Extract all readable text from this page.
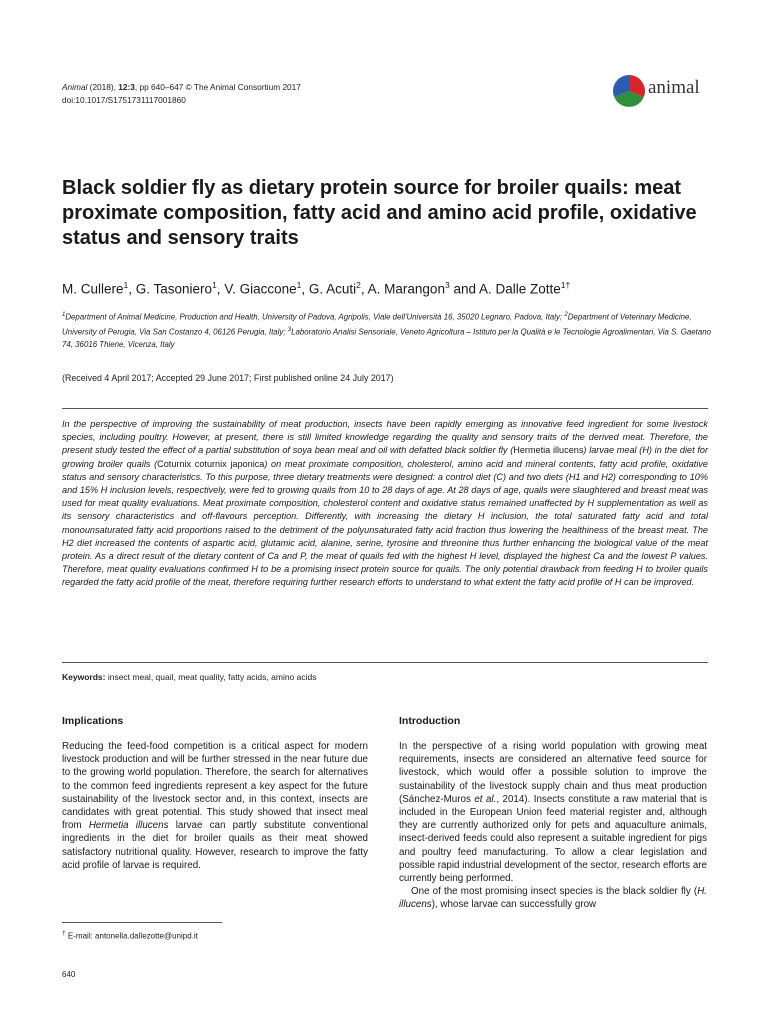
Animal (2018), 12:3, pp 640–647 © The Animal Consortium 2017
doi:10.1017/S1751731117001860
animal
Black soldier fly as dietary protein source for broiler quails: meat proximate composition, fatty acid and amino acid profile, oxidative status and sensory traits
M. Cullere$^1$, G. Tasoniero$^1$, V. Giaccone$^1$, G. Acuti$^2$, A. Marangon$^3$ and A. Dalle Zotte$^{1\dagger}$
$^1$Department of Animal Medicine, Production and Health, University of Padova, Agripolis, Viale dell'Università 16, 35020 Legnaro, Padova, Italy; $^2$Department of Veterinary Medicine, University of Perugia, Via San Costanzo 4, 06126 Perugia, Italy; $^3$Laboratorio Analisi Sensoriale, Veneto Agricoltura – Istituto per la Qualità e le Tecnologie Agroalimentari, Via S. Gaetano 74, 36016 Thiene, Vicenza, Italy
(Received 4 April 2017; Accepted 29 June 2017; First published online 24 July 2017)
In the perspective of improving the sustainability of meat production, insects have been rapidly emerging as innovative feed ingredient for some livestock species, including poultry. However, at present, there is still limited knowledge regarding the quality and sensory traits of the derived meat. Therefore, the present study tested the effect of a partial substitution of soya bean meal and oil with defatted black soldier fly (Hermetia illucens) larvae meal (H) in the diet for growing broiler quails (Coturnix coturnix japonica) on meat proximate composition, cholesterol, amino acid and mineral contents, fatty acid profile, oxidative status and sensory characteristics. To this purpose, three dietary treatments were designed: a control diet (C) and two diets (H1 and H2) corresponding to 10% and 15% H inclusion levels, respectively, were fed to growing quails from 10 to 28 days of age. At 28 days of age, quails were slaughtered and breast meat was used for meat quality evaluations. Meat proximate composition, cholesterol content and oxidative status remained unaffected by H supplementation as well as its sensory characteristics and off-flavours perception. Differently, with increasing the dietary H inclusion, the total saturated fatty acid and total monounsaturated fatty acid proportions raised to the detriment of the polyunsaturated fatty acid fraction thus lowering the healthiness of the breast meat. The H2 diet increased the contents of aspartic acid, glutamic acid, alanine, serine, tyrosine and threonine thus further enhancing the biological value of the meat protein. As a direct result of the dietary content of Ca and P, the meat of quails fed with the highest H level, displayed the highest Ca and the lowest P values. Therefore, meat quality evaluations confirmed H to be a promising insect protein source for quails. The only potential drawback from feeding H to broiler quails regarded the fatty acid profile of the meat, therefore requiring further research efforts to understand to what extent the fatty acid profile of H can be improved.
Keywords: insect meal, quail, meat quality, fatty acids, amino acids
Implications	Introduction

Reducing the feed-food competition is a critical aspect for modern livestock production and will be further stressed in the near future due to the growing world population. Therefore, the search for alternatives to the common feed ingredients represent a key aspect for the future sustainability of the livestock sector and, in this context, insects are candidates with great potential. This study showed that insect meal from Hermetia illucens larvae can partly substitute conventional ingredients in the diet for broiler quails as their meat showed satisfactory nutritional quality. However, research to improve the fatty acid profile of larvae is required.

In the perspective of a rising world population with growing meat requirements, insects are considered an alternative feed source for livestock, which would offer a possible solution to improve the sustainability of the livestock supply chain and thus meat production (Sánchez-Muros et al., 2014). Insects constitute a raw material that is included in the European Union feed material register and, although they are currently authorized only for pets and aquaculture animals, insect-derived feeds could also represent a suitable ingredient for pigs and poultry feed manufacturing. To allow a clear legislation and possible rapid industrial development of the sector, research efforts are currently being performed.

One of the most promising insect species is the black soldier fly (H. illucens), whose larvae can successfully grow

† E-mail: antonella.dallezotte@unipd.it
640
